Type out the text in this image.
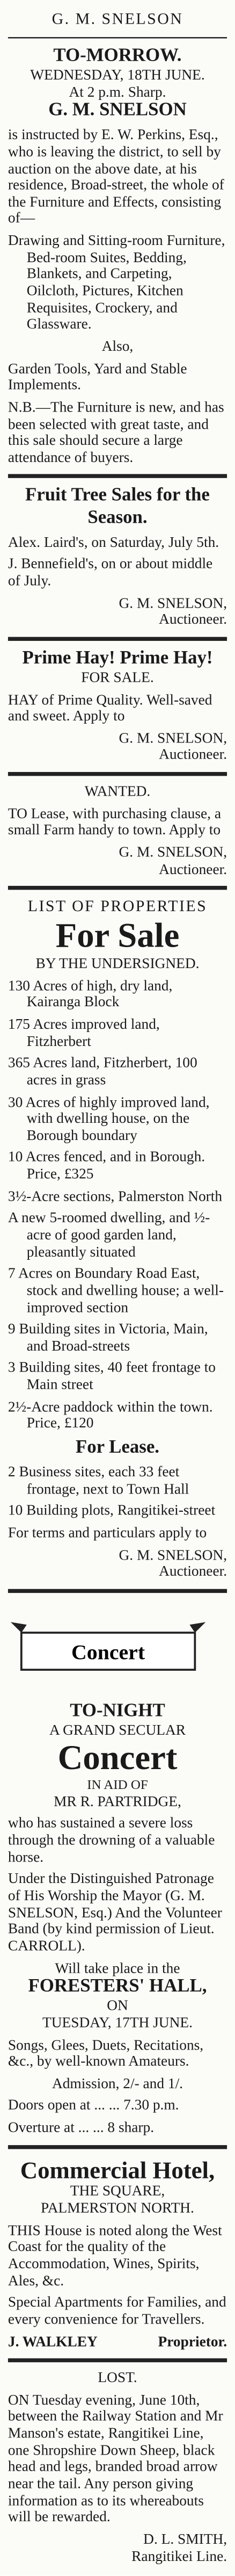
G. M. SNELSON
TO-MORROW.
WEDNESDAY, 18TH JUNE.
At 2 p.m. Sharp.
G. M. SNELSON
is instructed by E. W. Perkins, Esq., who is leaving the district, to sell by auction on the above date, at his residence, Broad-street, the whole of the Furniture and Effects, consisting of—
Drawing and Sitting-room Furniture, Bed-room Suites, Bedding, Blankets, and Carpeting, Oilcloth, Pictures, Kitchen Requisites, Crockery, and Glassware.
Also,
Garden Tools, Yard and Stable Implements.
N.B.—The Furniture is new, and has been selected with great taste, and this sale should secure a large attendance of buyers.
Fruit Tree Sales for the Season.
Alex. Laird's, on Saturday, July 5th.
J. Bennefield's, on or about middle of July.
G. M. SNELSON,
Auctioneer.
Prime Hay! Prime Hay!
FOR SALE.
HAY of Prime Quality. Well-saved and sweet. Apply to
G. M. SNELSON,
Auctioneer.
WANTED.
TO Lease, with purchasing clause, a small Farm handy to town. Apply to
G. M. SNELSON,
Auctioneer.
LIST OF PROPERTIES
For Sale
BY THE UNDERSIGNED.
130 Acres of high, dry land, Kairanga Block
175 Acres improved land, Fitzherbert
365 Acres land, Fitzherbert, 100 acres in grass
30 Acres of highly improved land, with dwelling house, on the Borough boundary
10 Acres fenced, and in Borough. Price, £325
3½-Acre sections, Palmerston North
A new 5-roomed dwelling, and ½-acre of good garden land, pleasantly situated
7 Acres on Boundary Road East, stock and dwelling house; a well-improved section
9 Building sites in Victoria, Main, and Broad-streets
3 Building sites, 40 feet frontage to Main street
2½-Acre paddock within the town. Price, £120
For Lease.
2 Business sites, each 33 feet frontage, next to Town Hall
10 Building plots, Rangitikei-street
For terms and particulars apply to
G. M. SNELSON,
Auctioneer.
Concert
TO-NIGHT
A GRAND SECULAR
Concert
IN AID OF
MR R. PARTRIDGE,
who has sustained a severe loss through the drowning of a valuable horse.
Under the Distinguished Patronage of His Worship the Mayor (G. M. SNELSON, Esq.) And the Volunteer Band (by kind permission of Lieut. CARROLL).
Will take place in the
FORESTERS' HALL,
ON
TUESDAY, 17TH JUNE.
Songs, Glees, Duets, Recitations, &c., by well-known Amateurs.
Admission, 2/- and 1/.
Doors open at ... ... 7.30 p.m.
Overture at ... ... 8 sharp.
Commercial Hotel,
THE SQUARE,
PALMERSTON NORTH.
THIS House is noted along the West Coast for the quality of the Accommodation, Wines, Spirits, Ales, &c.
Special Apartments for Families, and every convenience for Travellers.
J. WALKLEY	Proprietor.
LOST.
ON Tuesday evening, June 10th, between the Railway Station and Mr Manson's estate, Rangitikei Line, one Shropshire Down Sheep, black head and legs, branded broad arrow near the tail. Any person giving information as to its whereabouts will be rewarded.
D. L. SMITH,
Rangitikei Line.
